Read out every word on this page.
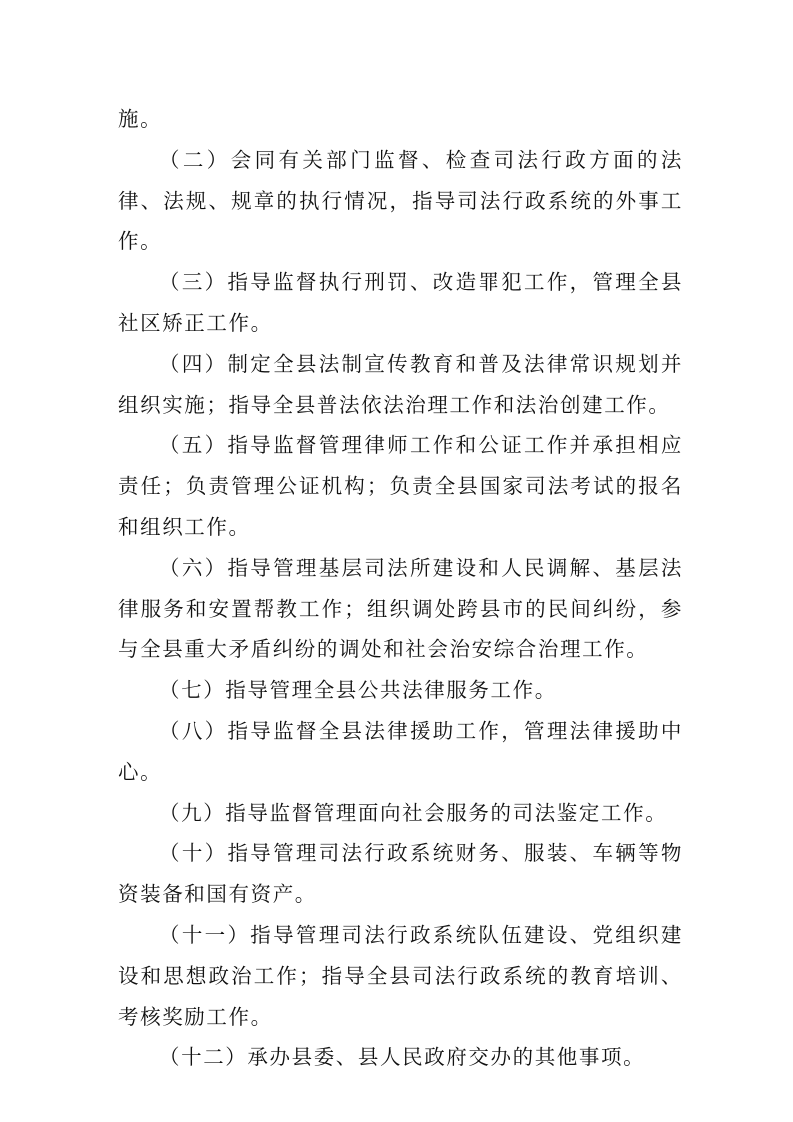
施。

（二）会同有关部门监督、检查司法行政方面的法律、法规、规章的执行情况，指导司法行政系统的外事工作。

（三）指导监督执行刑罚、改造罪犯工作，管理全县社区矫正工作。

（四）制定全县法制宣传教育和普及法律常识规划并组织实施；指导全县普法依法治理工作和法治创建工作。

（五）指导监督管理律师工作和公证工作并承担相应责任；负责管理公证机构；负责全县国家司法考试的报名和组织工作。

（六）指导管理基层司法所建设和人民调解、基层法律服务和安置帮教工作；组织调处跨县市的民间纠纷，参与全县重大矛盾纠纷的调处和社会治安综合治理工作。

（七）指导管理全县公共法律服务工作。

（八）指导监督全县法律援助工作，管理法律援助中心。

（九）指导监督管理面向社会服务的司法鉴定工作。

（十）指导管理司法行政系统财务、服装、车辆等物资装备和国有资产。

（十一）指导管理司法行政系统队伍建设、党组织建设和思想政治工作；指导全县司法行政系统的教育培训、考核奖励工作。

（十二）承办县委、县人民政府交办的其他事项。
